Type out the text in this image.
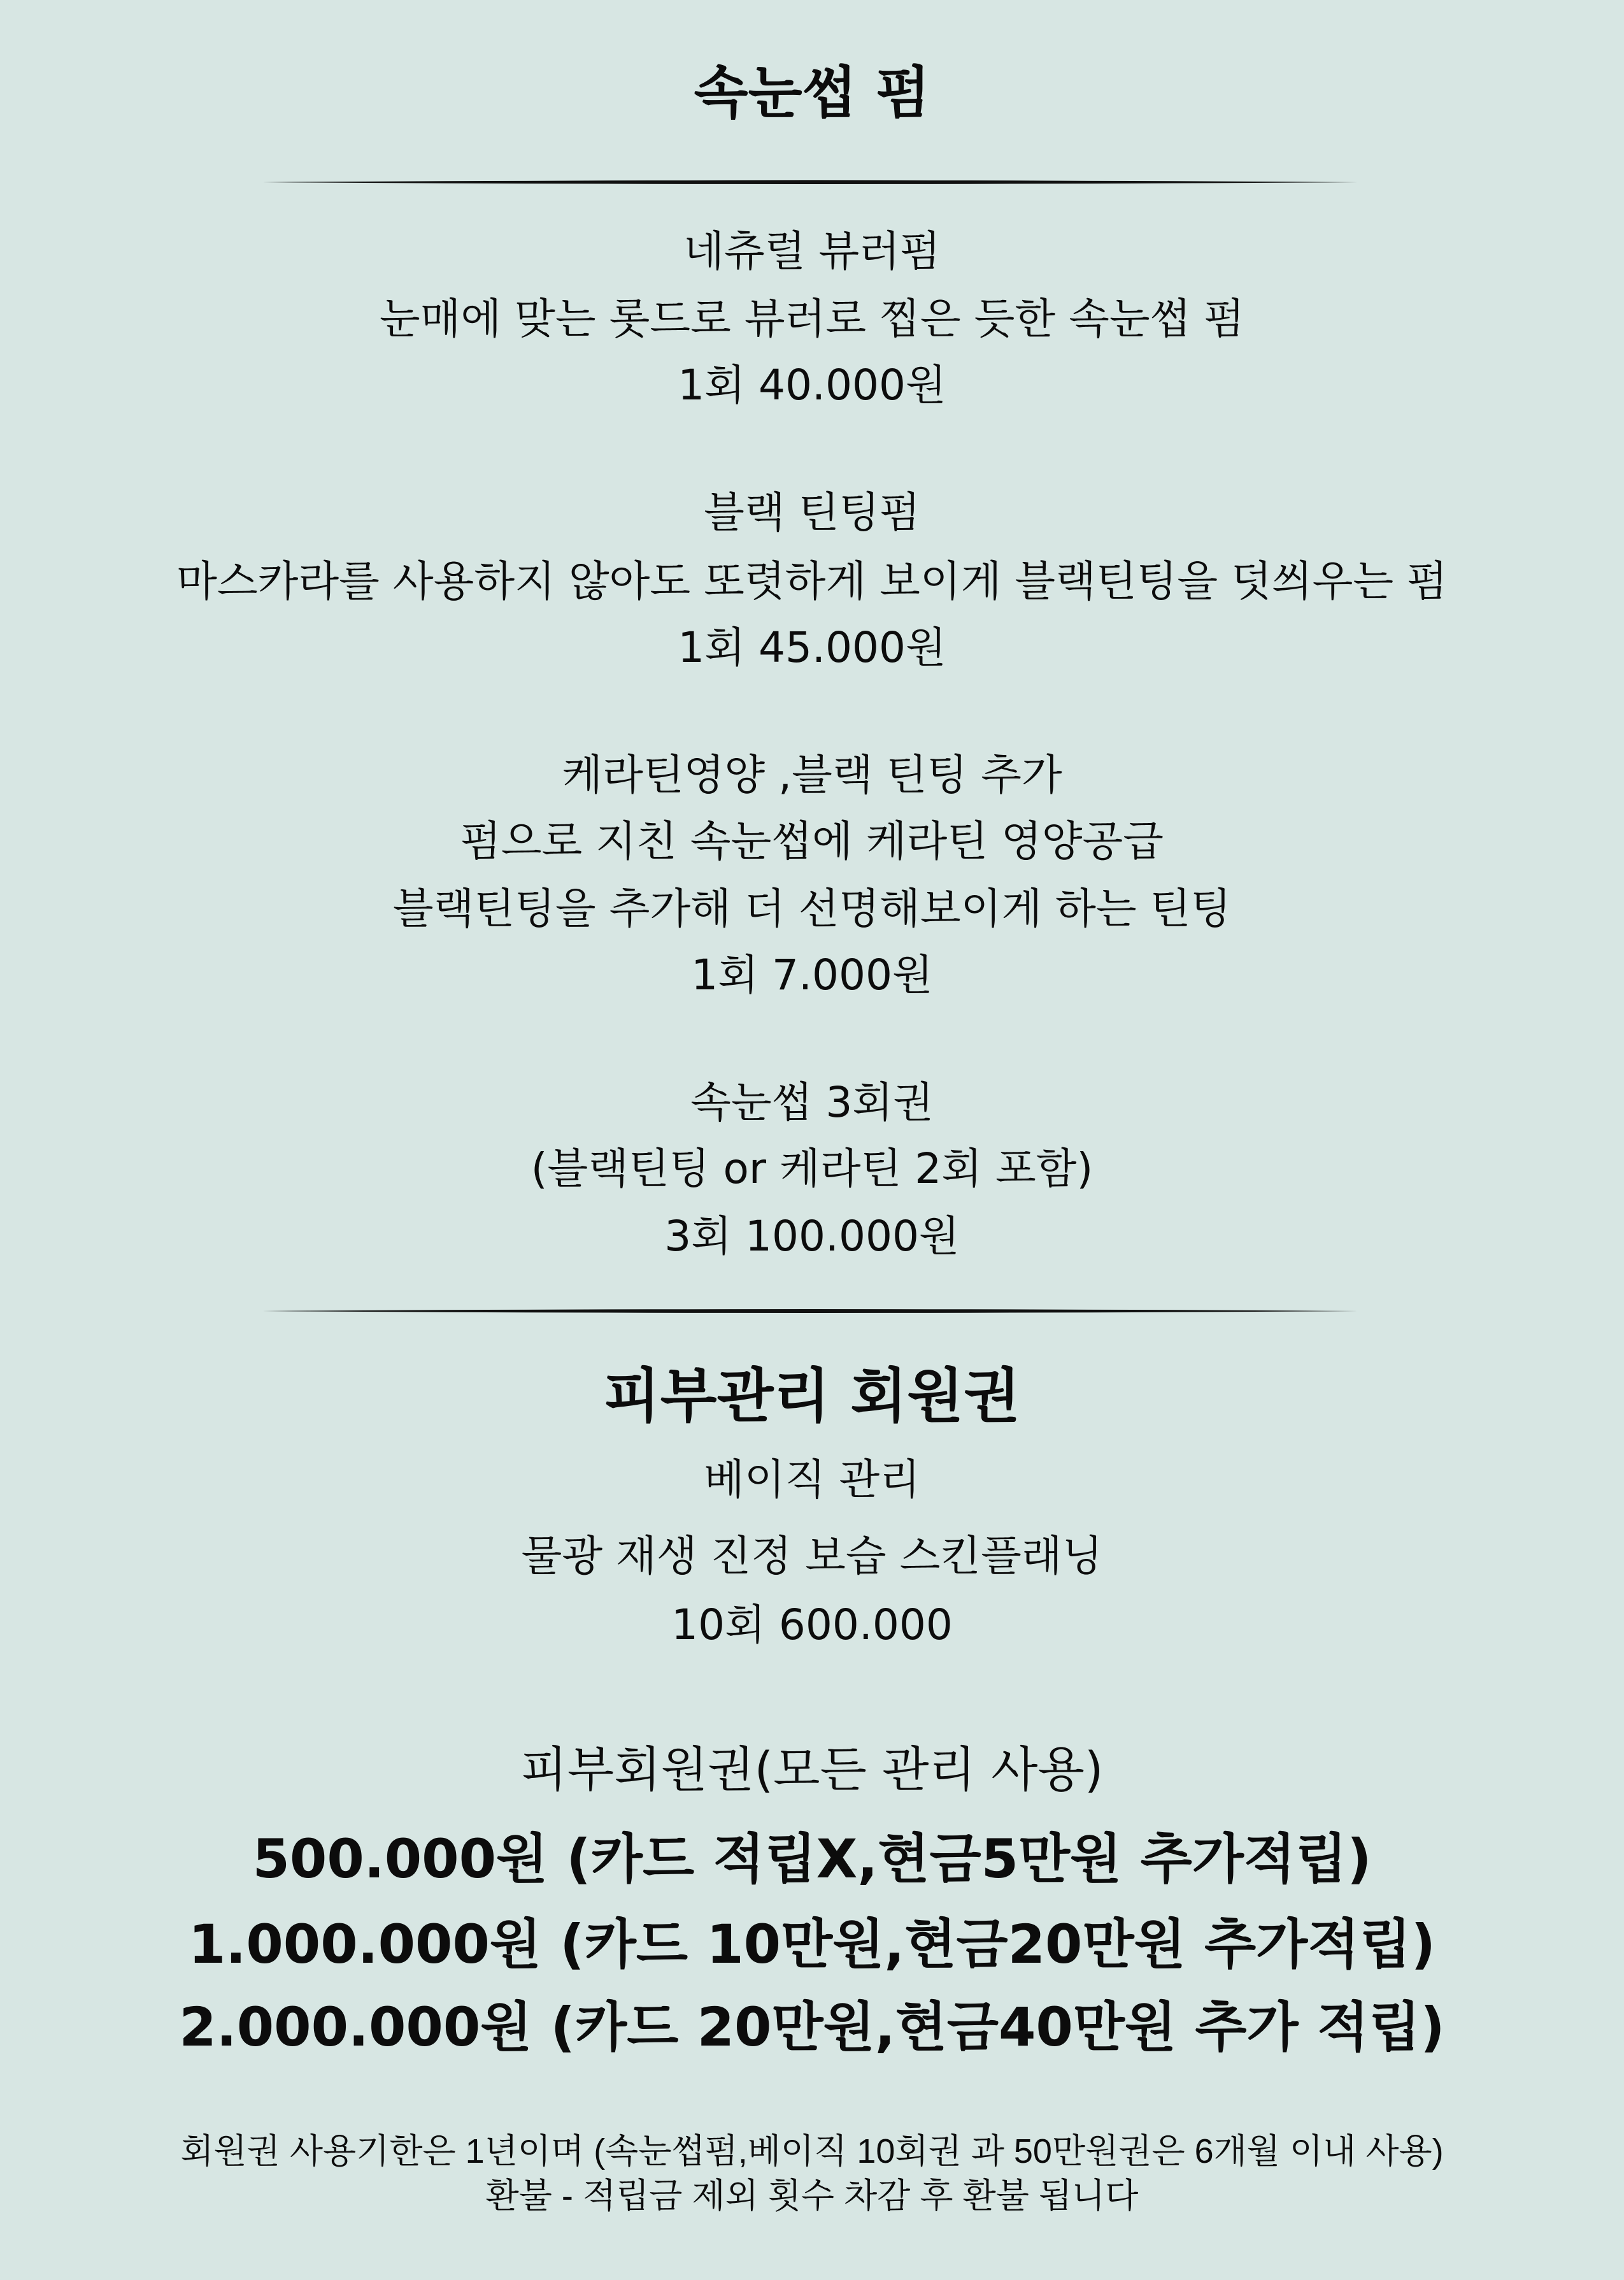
속눈썹 펌
네츄럴 뷰러펌
눈매에 맞는 롯드로 뷰러로 찝은 듯한 속눈썹 펌
1회 40.000원
블랙 틴팅펌
마스카라를 사용하지 않아도 또렷하게 보이게 블랙틴팅을 덧씌우는 펌
1회 45.000원
케라틴영양 ,블랙 틴팅 추가
펌으로 지친 속눈썹에 케라틴 영양공급
블랙틴팅을 추가해 더 선명해보이게 하는 틴팅
1회 7.000원
속눈썹 3회권
(블랙틴팅 or 케라틴 2회 포함)
3회 100.000원
피부관리 회원권
베이직 관리
물광 재생 진정 보습 스킨플래닝
10회 600.000
피부회원권(모든 관리 사용)
500.000원 (카드 적립X,현금5만원 추가적립)
1.000.000원 (카드 10만원,현금20만원 추가적립)
2.000.000원 (카드 20만원,현금40만원 추가 적립)
회원권 사용기한은 1년이며 (속눈썹펌,베이직 10회권 과 50만원권은 6개월 이내 사용)
환불 - 적립금 제외 횟수 차감 후 환불 됩니다
